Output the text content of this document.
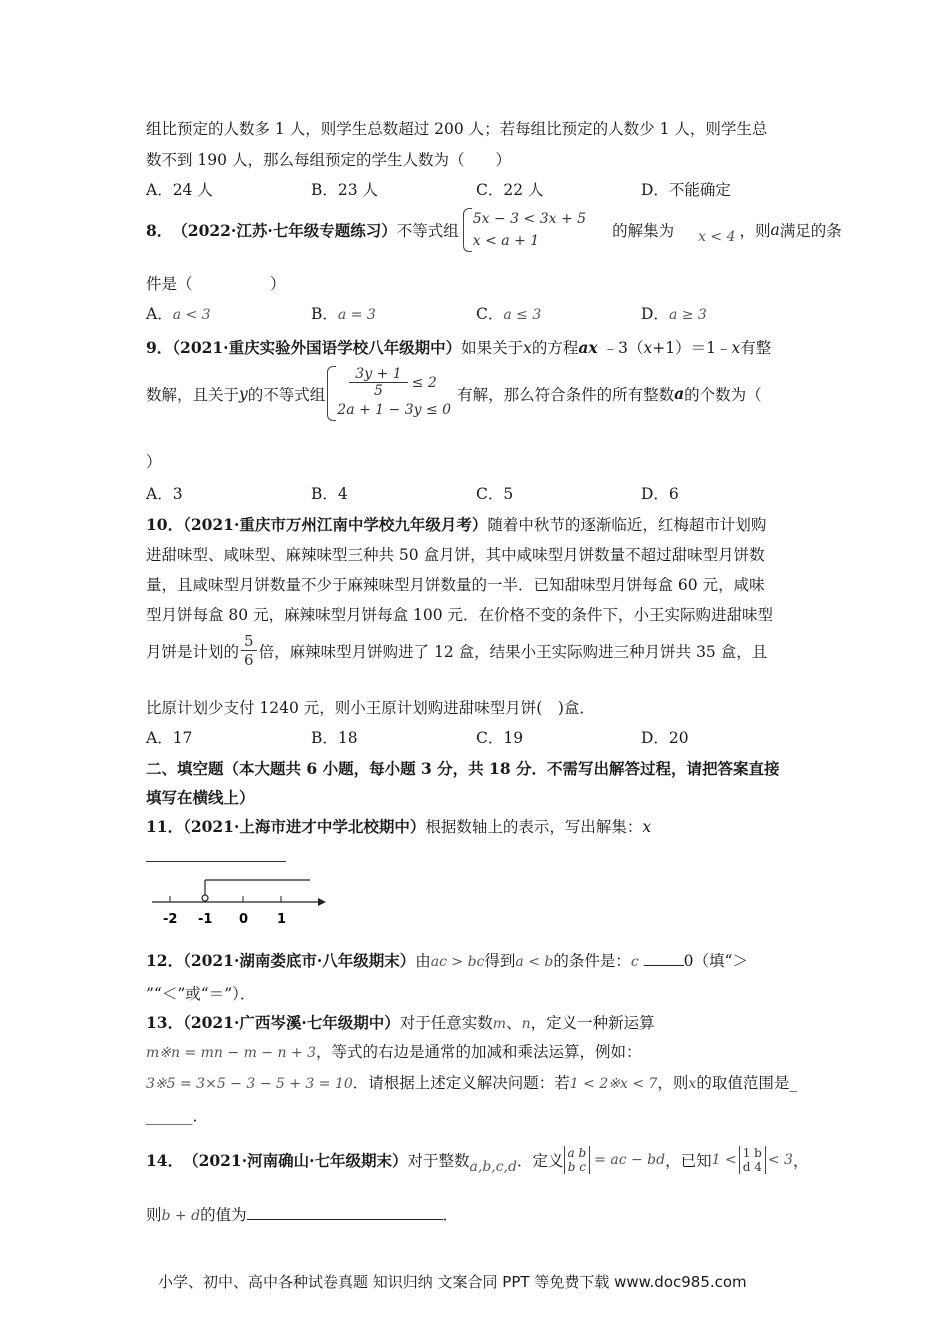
组比预定的人数多 1 人，则学生总数超过 200 人；若每组比预定的人数少 1 人，则学生总
数不到 190 人，那么每组预定的学生人数为（　　）
A．24 人	B．23 人	C．22 人	D．不能确定
8． （2022·江苏·七年级专题练习） 不等式组
5x − 3 < 3x + 5
x < a + 1
的解集为 x < 4 ，则 a 满足的条
件是（　　　　　）
A．a < 3	B．a = 3	C．a ≤ 3	D．a ≥ 3
9．（2021·重庆实验外国语学校八年级期中）如果关于x的方程ax ﹣3（x+1）＝1﹣x有整
数解，且关于 y 的不等式组 $\frac{3y + 1}{5} \le 2$
2a + 1 − 3y ≤ 0
有解，那么符合条件的所有整数 a 的个数为（
）
A．3	B．4	C．5	D．6
10．（2021·重庆市万州江南中学校九年级月考）随着中秋节的逐渐临近，红梅超市计划购
进甜味型、咸味型、麻辣味型三种共 50 盒月饼，其中咸味型月饼数量不超过甜味型月饼数
量，且咸味型月饼数量不少于麻辣味型月饼数量的一半．已知甜味型月饼每盒 60 元，咸味
型月饼每盒 80 元，麻辣味型月饼每盒 100 元．在价格不变的条件下，小王实际购进甜味型
月饼是计划的 $\frac{5}{6}$ 倍，麻辣味型月饼购进了 12 盒，结果小王实际购进三种月饼共 35 盒，且
比原计划少支付 1240 元，则小王原计划购进甜味型月饼(　)盒．
A．17	B．18	C．19	D．20
二、填空题（本大题共 6 小题，每小题 3 分，共 18 分．不需写出解答过程，请把答案直接
填写在横线上）
11．（2021·上海市进才中学北校期中）根据数轴上的表示，写出解集：x
-2 -1 0 1
12．（2021·湖南娄底市·八年级期末）由ac > bc得到a < b的条件是：c	0（填“＞
”“＜”或“＝”）．
13．（2021·广西岑溪·七年级期中）对于任意实数m、n，定义一种新运算
m※n = mn − m − n + 3，等式的右边是通常的加减和乘法运算，例如：
3※5 = 3×5 − 3 − 5 + 3 = 10．请根据上述定义解决问题：若1 < 2※x < 7，则x的取值范围是_
______．
14． （2021·河南确山·七年级期末） 对于整数 a,b,c,d ．定义 a b
b c = ac − bd ，已知 1 < 1 b
d 4 < 3 ，
则b + d的值为	．
小学、初中、高中各种试卷真题 知识归纳 文案合同 PPT 等免费下载 www.doc985.com
